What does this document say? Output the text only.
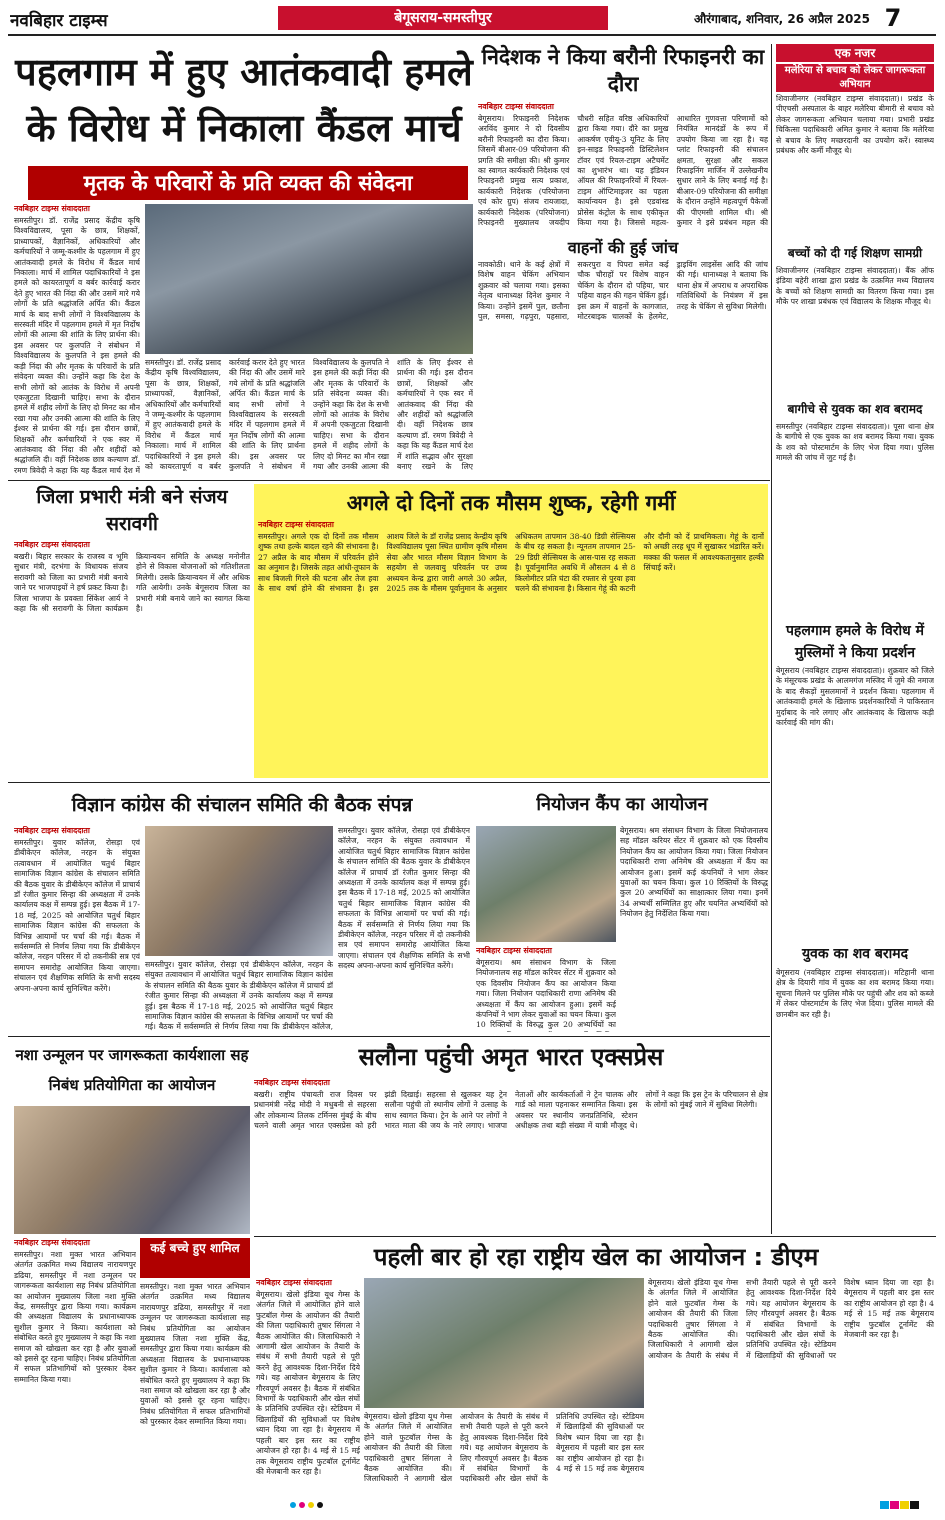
नवबिहार टाइम्स	बेगूसराय-समस्तीपुर	औरंगाबाद, शनिवार, 26 अप्रैल 2025 7
पहलगाम में हुए आतंकवादी हमले के विरोध में निकाला कैंडल मार्च
मृतक के परिवारों के प्रति व्यक्त की संवेदना
नवबिहार टाइम्स संवाददाता
समस्तीपुर। डॉ. राजेंद्र प्रसाद केंद्रीय कृषि विश्वविद्यालय, पूसा के छात्र, शिक्षकों, प्राध्यापकों, वैज्ञानिकों, अधिकारियों और कर्मचारियों ने जम्मू-कश्मीर के पहलगाम में हुए आतंकवादी हमले के विरोध में कैंडल मार्च निकाला। मार्च में शामिल पदाधिकारियों ने इस हमले को कायरतापूर्ण व बर्बर कार्रवाई करार देते हुए भारत की निंदा की और उसमें मारे गये लोगों के प्रति श्रद्धांजलि अर्पित की। कैंडल मार्च के बाद सभी लोगों ने विश्वविद्यालय के सरस्वती मंदिर में पहलगाम हमले में मृत निर्दोष लोगों की आत्मा की शांति के लिए प्रार्थना की। इस अवसर पर कुलपति ने संबोधन में विश्वविद्यालय के कुलपति ने इस हमले की कड़ी निंदा की और मृतक के परिवारों के प्रति संवेदना व्यक्त की। उन्होंने कहा कि देश के सभी लोगों को आतंक के विरोध में अपनी एकजुटता दिखानी चाहिए। सभा के दौरान हमले में शहीद लोगों के लिए दो मिनट का मौन रखा गया और उनकी आत्मा की शांति के लिए ईश्वर से प्रार्थना की गई। इस दौरान छात्रों, शिक्षकों और कर्मचारियों ने एक स्वर में आतंकवाद की निंदा की और शहीदों को श्रद्धांजलि दी। वहीं निदेशक छात्र कल्याण डॉ. रमण त्रिवेदी ने कहा कि यह कैंडल मार्च देश में
समस्तीपुर। डॉ. राजेंद्र प्रसाद केंद्रीय कृषि विश्वविद्यालय, पूसा के छात्र, शिक्षकों, प्राध्यापकों, वैज्ञानिकों, अधिकारियों और कर्मचारियों ने जम्मू-कश्मीर के पहलगाम में हुए आतंकवादी हमले के विरोध में कैंडल मार्च निकाला। मार्च में शामिल पदाधिकारियों ने इस हमले को कायरतापूर्ण व बर्बर कार्रवाई करार देते हुए भारत की निंदा की और उसमें मारे गये लोगों के प्रति श्रद्धांजलि अर्पित की। कैंडल मार्च के बाद सभी लोगों ने विश्वविद्यालय के सरस्वती मंदिर में पहलगाम हमले में मृत निर्दोष लोगों की आत्मा की शांति के लिए प्रार्थना की। इस अवसर पर कुलपति ने संबोधन में विश्वविद्यालय के कुलपति ने इस हमले की कड़ी निंदा की और मृतक के परिवारों के प्रति संवेदना व्यक्त की। उन्होंने कहा कि देश के सभी लोगों को आतंक के विरोध में अपनी एकजुटता दिखानी चाहिए। सभा के दौरान हमले में शहीद लोगों के लिए दो मिनट का मौन रखा गया और उनकी आत्मा की शांति के लिए ईश्वर से प्रार्थना की गई। इस दौरान छात्रों, शिक्षकों और कर्मचारियों ने एक स्वर में आतंकवाद की निंदा की और शहीदों को श्रद्धांजलि दी। वहीं निदेशक छात्र कल्याण डॉ. रमण त्रिवेदी ने कहा कि यह कैंडल मार्च देश में शांति सद्भाव और सुरक्षा बनाए रखने के लिए
निदेशक ने किया बरौनी रिफाइनरी का दौरा
नवबिहार टाइम्स संवाददाता
बेगूसराय। रिफाइनरी निदेशक अरविंद कुमार ने दो दिवसीय बरौनी रिफाइनरी का दौरा किया। जिसमें बीआर-09 परियोजना की प्रगति की समीक्षा की। श्री कुमार का स्वागत कार्यकारी निदेशक एवं रिफाइनरी प्रमुख सत्य प्रकाश, कार्यकारी निदेशक (परियोजना एवं कोर ग्रुप) संजय रायजादा, कार्यकारी निदेशक (परियोजना) रिफाइनरी मुख्यालय जयदीप चौधरी सहित वरिष्ठ अधिकारियों द्वारा किया गया। दौरे का प्रमुख आकर्षण एवीयू-3 यूनिट के लिए इन-साइड रिफाइनरी डिस्टिलेशन टॉवर एवं रियल-टाइम अटैचमेंट का शुभारंभ था। यह इंडियन ऑयल की रिफाइनरियों में रियल-टाइम ऑप्टिमाइजर का पहला कार्यान्वयन है। इसे एडवांस्ड प्रोसेस कंट्रोल के साथ एकीकृत किया गया है। जिससे महत्व-आधारित गुणवत्ता परिणामों को नियंत्रित मानदंडों के रूप में उपयोग किया जा रहा है। यह प्लांट रिफाइनरी की संचालन क्षमता, सुरक्षा और सकल रिफाइनिंग मार्जिन में उल्लेखनीय सुधार लाने के लिए बनाई गई है। बीआर-09 परियोजना की समीक्षा के दौरान उन्होंने महत्वपूर्ण पैकेजों की पीएमसी शामिल थी। श्री कुमार ने इसे प्रबंधन महल की
वाहनों की हुई जांच
नावकोठी। थाने के कई क्षेत्रों में विशेष वाहन चेकिंग अभियान शुक्रवार को चलाया गया। इसका नेतृत्व थानाध्यक्ष दिनेश कुमार ने किया। उन्होंने इसमें पुल, छतौना पुल, समसा, गढ़पुरा, पहसारा, सकरपुरा व पिपरा समेत कई चौक चौराहों पर विशेष वाहन चेकिंग के दौरान दो पहिया, चार पहिया वाहन की गहन चेकिंग हुई। इस क्रम में वाहनों के कागजात, मोटरबाइक चालकों के हेलमेट, ड्राइविंग लाइसेंस आदि की जांच की गई। थानाध्यक्ष ने बताया कि थाना क्षेत्र में अपराध व अपराधिक गतिविधियों के नियंत्रण में इस तरह के चेकिंग से सुविधा मिलेगी।
एक नजर
मलेरिया से बचाव को लेकर जागरूकता अभियान
शिवाजीनगर (नवबिहार टाइम्स संवाददाता)। प्रखंड के पीएचसी अस्पताल के बाहर मलेरिया बीमारी से बचाव को लेकर जागरूकता अभियान चलाया गया। प्रभारी प्रखंड चिकित्सा पदाधिकारी अमित कुमार ने बताया कि मलेरिया से बचाव के लिए मच्छरदानी का उपयोग करें। स्वास्थ्य प्रबंधक और कर्मी मौजूद थे।
बच्चों को दी गई शिक्षण सामग्री
शिवाजीनगर (नवबिहार टाइम्स संवाददाता)। बैंक ऑफ इंडिया बहेरी शाखा द्वारा प्रखंड के उत्क्रमित मध्य विद्यालय के बच्चों को शिक्षण सामग्री का वितरण किया गया। इस मौके पर शाखा प्रबंधक एवं विद्यालय के शिक्षक मौजूद थे।
बागीचे से युवक का शव बरामद
समस्तीपुर (नवबिहार टाइम्स संवाददाता)। पूसा थाना क्षेत्र के बागीचे से एक युवक का शव बरामद किया गया। युवक के शव को पोस्टमार्टम के लिए भेज दिया गया। पुलिस मामले की जांच में जुट गई है।
पहलगाम हमले के विरोध में मुस्लिमों ने किया प्रदर्शन
बेगूसराय (नवबिहार टाइम्स संवाददाता)। शुक्रवार को जिले के मंसूरचक प्रखंड के आलमगंज मस्जिद में जुमे की नमाज के बाद सैकड़ों मुसलमानों ने प्रदर्शन किया। पहलगाम में आतंकवादी हमले के खिलाफ प्रदर्शनकारियों ने पाकिस्तान मुर्दाबाद के नारे लगाए और आतंकवाद के खिलाफ कड़ी कार्रवाई की मांग की।
युवक का शव बरामद
बेगूसराय (नवबिहार टाइम्स संवाददाता)। मटिहानी थाना क्षेत्र के दियारी गांव में युवक का शव बरामद किया गया। सूचना मिलने पर पुलिस मौके पर पहुंची और शव को कब्जे में लेकर पोस्टमार्टम के लिए भेज दिया। पुलिस मामले की छानबीन कर रही है।
जिला प्रभारी मंत्री बने संजय सरावगी
नवबिहार टाइम्स संवाददाता
बखरी। बिहार सरकार के राजस्व व भूमि सुधार मंत्री, दरभंगा के विधायक संजय सरावगी को जिला का प्रभारी मंत्री बनाये जाने पर भाजपाइयों ने हर्ष प्रकट किया है। जिला भाजपा के प्रवक्ता सिंकेश आर्य ने कहा कि श्री सरावगी के जिला कार्यक्रम क्रियान्वयन समिति के अध्यक्ष मनोनीत होने से विकास योजनाओं को गतिशीलता मिलेगी। उसके क्रियान्वयन में और अधिक गति आयेगी। उनके बेगूसराय जिला का प्रभारी मंत्री बनाये जाने का स्वागत किया है।
अगले दो दिनों तक मौसम शुष्क, रहेगी गर्मी
नवबिहार टाइम्स संवाददाता
समस्तीपुर। अगले एक दो दिनों तक मौसम शुष्क तथा हल्के बादल रहने की संभावना है। 27 अप्रैल के बाद मौसम में परिवर्तन होने का अनुमान है। जिसके तहत आंधी-तूफान के साथ बिजली गिरने की घटना और तेज हवा के साथ वर्षा होने की संभावना है। इस आशय जिले के डॉ राजेंद्र प्रसाद केन्द्रीय कृषि विश्वविद्यालय पूसा स्थित ग्रामीण कृषि मौसम सेवा और भारत मौसम विज्ञान विभाग के सहयोग से जलवायु परिवर्तन पर उच्च अध्ययन केन्द्र द्वारा जारी अगले 30 अप्रैल, 2025 तक के मौसम पूर्वानुमान के अनुसार अधिकतम तापमान 38-40 डिग्री सेल्सियस के बीच रह सकता है। न्यूनतम तापमान 25-29 डिग्री सेल्सियस के आस-पास रह सकता है। पूर्वानुमानित अवधि में औसतन 4 से 8 किलोमीटर प्रति घंटा की रफ्तार से पुरवा हवा चलने की संभावना है। किसान गेहूं की कटनी और दौनी को दें प्राथमिकता। गेहूं के दानों को अच्छी तरह धूप में सुखाकर भंडारित करें। मक्का की फसल में आवश्यकतानुसार हल्की सिंचाई करें।
विज्ञान कांग्रेस की संचालन समिति की बैठक संपन्न
नवबिहार टाइम्स संवाददाता
समस्तीपुर। युवार कॉलेज, रोसड़ा एवं डीबीकेएन कॉलेज, नरहन के संयुक्त तत्वावधान में आयोजित चतुर्थ बिहार सामाजिक विज्ञान कांग्रेस के संचालन समिति की बैठक युवार के डीबीकेएन कॉलेज में प्राचार्य डॉ रंजीत कुमार सिन्हा की अध्यक्षता में उनके कार्यालय कक्ष में सम्पन्न हुई। इस बैठक में 17-18 मई, 2025 को आयोजित चतुर्थ बिहार सामाजिक विज्ञान कांग्रेस की सफलता के विभिन्न आयामों पर चर्चा की गई। बैठक में सर्वसम्मति से निर्णय लिया गया कि डीबीकेएन कॉलेज, नरहन परिसर में दो तकनीकी सत्र एवं समापन समारोह आयोजित किया जाएगा। संचालन एवं शैक्षणिक समिति के सभी सदस्य अपना-अपना कार्य सुनिश्चित करेंगे।
समस्तीपुर। युवार कॉलेज, रोसड़ा एवं डीबीकेएन कॉलेज, नरहन के संयुक्त तत्वावधान में आयोजित चतुर्थ बिहार सामाजिक विज्ञान कांग्रेस के संचालन समिति की बैठक युवार के डीबीकेएन कॉलेज में प्राचार्य डॉ रंजीत कुमार सिन्हा की अध्यक्षता में उनके कार्यालय कक्ष में सम्पन्न हुई। इस बैठक में 17-18 मई, 2025 को आयोजित चतुर्थ बिहार सामाजिक विज्ञान कांग्रेस की सफलता के विभिन्न आयामों पर चर्चा की गई। बैठक में सर्वसम्मति से निर्णय लिया गया कि डीबीकेएन कॉलेज,
समस्तीपुर। युवार कॉलेज, रोसड़ा एवं डीबीकेएन कॉलेज, नरहन के संयुक्त तत्वावधान में आयोजित चतुर्थ बिहार सामाजिक विज्ञान कांग्रेस के संचालन समिति की बैठक युवार के डीबीकेएन कॉलेज में प्राचार्य डॉ रंजीत कुमार सिन्हा की अध्यक्षता में उनके कार्यालय कक्ष में सम्पन्न हुई। इस बैठक में 17-18 मई, 2025 को आयोजित चतुर्थ बिहार सामाजिक विज्ञान कांग्रेस की सफलता के विभिन्न आयामों पर चर्चा की गई। बैठक में सर्वसम्मति से निर्णय लिया गया कि डीबीकेएन कॉलेज, नरहन परिसर में दो तकनीकी सत्र एवं समापन समारोह आयोजित किया जाएगा। संचालन एवं शैक्षणिक समिति के सभी सदस्य अपना-अपना कार्य सुनिश्चित करेंगे।
नियोजन कैंप का आयोजन
नवबिहार टाइम्स संवाददाता
बेगूसराय। श्रम संसाधन विभाग के जिला नियोजनालय सह मॉडल करियर सेंटर में शुक्रवार को एक दिवसीय नियोजन कैंप का आयोजन किया गया। जिला नियोजन पदाधिकारी राणा अनिमेष की अध्यक्षता में कैंप का आयोजन हुआ। इसमें कई कंपनियों ने भाग लेकर युवाओं का चयन किया। कुल 10 रिक्तियों के विरुद्ध कुल 20 अभ्यर्थियों का
बेगूसराय। श्रम संसाधन विभाग के जिला नियोजनालय सह मॉडल करियर सेंटर में शुक्रवार को एक दिवसीय नियोजन कैंप का आयोजन किया गया। जिला नियोजन पदाधिकारी राणा अनिमेष की अध्यक्षता में कैंप का आयोजन हुआ। इसमें कई कंपनियों ने भाग लेकर युवाओं का चयन किया। कुल 10 रिक्तियों के विरुद्ध कुल 20 अभ्यर्थियों का साक्षात्कार लिया गया। इनमें 34 अभ्यर्थी सम्मिलित हुए और चयनित अभ्यर्थियों को नियोजन हेतु निर्देशित किया गया।
नशा उन्मूलन पर जागरूकता कार्यशाला सह निबंध प्रतियोगिता का आयोजन
कई बच्चे हुए शामिल
नवबिहार टाइम्स संवाददाता
समस्तीपुर। नशा मुक्त भारत अभियान अंतर्गत उत्क्रमित मध्य विद्यालय नारायणपुर डढिया, समस्तीपुर में नशा उन्मूलन पर जागरूकता कार्यशाला सह निबंध प्रतियोगिता का आयोजन मुख्यालय जिला नशा मुक्ति केंद्र, समस्तीपुर द्वारा किया गया। कार्यक्रम की अध्यक्षता विद्यालय के प्रधानाध्यापक सुशील कुमार ने किया। कार्यशाला को संबोधित करते हुए मुख्यालय ने कहा कि नशा समाज को खोखला कर रहा है और युवाओं को इससे दूर रहना चाहिए। निबंध प्रतियोगिता में सफल प्रतिभागियों को पुरस्कार देकर सम्मानित किया गया।
समस्तीपुर। नशा मुक्त भारत अभियान अंतर्गत उत्क्रमित मध्य विद्यालय नारायणपुर डढिया, समस्तीपुर में नशा उन्मूलन पर जागरूकता कार्यशाला सह निबंध प्रतियोगिता का आयोजन मुख्यालय जिला नशा मुक्ति केंद्र, समस्तीपुर द्वारा किया गया। कार्यक्रम की अध्यक्षता विद्यालय के प्रधानाध्यापक सुशील कुमार ने किया। कार्यशाला को संबोधित करते हुए मुख्यालय ने कहा कि नशा समाज को खोखला कर रहा है और युवाओं को इससे दूर रहना चाहिए। निबंध प्रतियोगिता में सफल प्रतिभागियों को पुरस्कार देकर सम्मानित किया गया।
सलौना पहुंची अमृत भारत एक्सप्रेस
नवबिहार टाइम्स संवाददाता
बखरी। राष्ट्रीय पंचायती राज दिवस पर प्रधानमंत्री नरेंद्र मोदी ने मधुबनी से सहरसा और लोकमान्य तिलक टर्मिनस मुंबई के बीच चलने वाली अमृत भारत एक्सप्रेस को हरी झंडी दिखाई। सहरसा से खुलकर यह ट्रेन सलौना पहुंची तो स्थानीय लोगों ने उत्साह के साथ स्वागत किया। ट्रेन के आने पर लोगों ने भारत माता की जय के नारे लगाए। भाजपा नेताओं और कार्यकर्ताओं ने ट्रेन चालक और गार्ड को माला पहनाकर सम्मानित किया। इस अवसर पर स्थानीय जनप्रतिनिधि, स्टेशन अधीक्षक तथा बड़ी संख्या में यात्री मौजूद थे। लोगों ने कहा कि इस ट्रेन के परिचालन से क्षेत्र के लोगों को मुंबई जाने में सुविधा मिलेगी।
पहली बार हो रहा राष्ट्रीय खेल का आयोजन : डीएम
नवबिहार टाइम्स संवाददाता
बेगूसराय। खेलो इंडिया यूथ गेम्स के अंतर्गत जिले में आयोजित होने वाले फुटबॉल गेम्स के आयोजन की तैयारी की जिला पदाधिकारी तुषार सिंगला ने बैठक आयोजित की। जिलाधिकारी ने आगामी खेल आयोजन के तैयारी के संबंध में सभी तैयारी पहले से पूरी करने हेतु आवश्यक दिशा-निर्देश दिये गये। यह आयोजन बेगूसराय के लिए गौरवपूर्ण अवसर है। बैठक में संबंधित विभागों के पदाधिकारी और खेल संघों के प्रतिनिधि उपस्थित रहे। स्टेडियम में खिलाड़ियों की सुविधाओं पर विशेष ध्यान दिया जा रहा है। बेगूसराय में पहली बार इस स्तर का राष्ट्रीय आयोजन हो रहा है। 4 मई से 15 मई तक बेगूसराय राष्ट्रीय फुटबॉल टूर्नामेंट की मेजबानी कर रहा है।
बेगूसराय। खेलो इंडिया यूथ गेम्स के अंतर्गत जिले में आयोजित होने वाले फुटबॉल गेम्स के आयोजन की तैयारी की जिला पदाधिकारी तुषार सिंगला ने बैठक आयोजित की। जिलाधिकारी ने आगामी खेल आयोजन के तैयारी के संबंध में सभी तैयारी पहले से पूरी करने हेतु आवश्यक दिशा-निर्देश दिये गये। यह आयोजन बेगूसराय के लिए गौरवपूर्ण अवसर है। बैठक में संबंधित विभागों के पदाधिकारी और खेल संघों के प्रतिनिधि उपस्थित रहे। स्टेडियम में खिलाड़ियों की सुविधाओं पर विशेष ध्यान दिया जा रहा है। बेगूसराय में पहली बार इस स्तर का राष्ट्रीय आयोजन हो रहा है। 4 मई से 15 मई तक बेगूसराय
बेगूसराय। खेलो इंडिया यूथ गेम्स के अंतर्गत जिले में आयोजित होने वाले फुटबॉल गेम्स के आयोजन की तैयारी की जिला पदाधिकारी तुषार सिंगला ने बैठक आयोजित की। जिलाधिकारी ने आगामी खेल आयोजन के तैयारी के संबंध में सभी तैयारी पहले से पूरी करने हेतु आवश्यक दिशा-निर्देश दिये गये। यह आयोजन बेगूसराय के लिए गौरवपूर्ण अवसर है। बैठक में संबंधित विभागों के पदाधिकारी और खेल संघों के प्रतिनिधि उपस्थित रहे। स्टेडियम में खिलाड़ियों की सुविधाओं पर विशेष ध्यान दिया जा रहा है। बेगूसराय में पहली बार इस स्तर का राष्ट्रीय आयोजन हो रहा है। 4 मई से 15 मई तक बेगूसराय राष्ट्रीय फुटबॉल टूर्नामेंट की मेजबानी कर रहा है।
